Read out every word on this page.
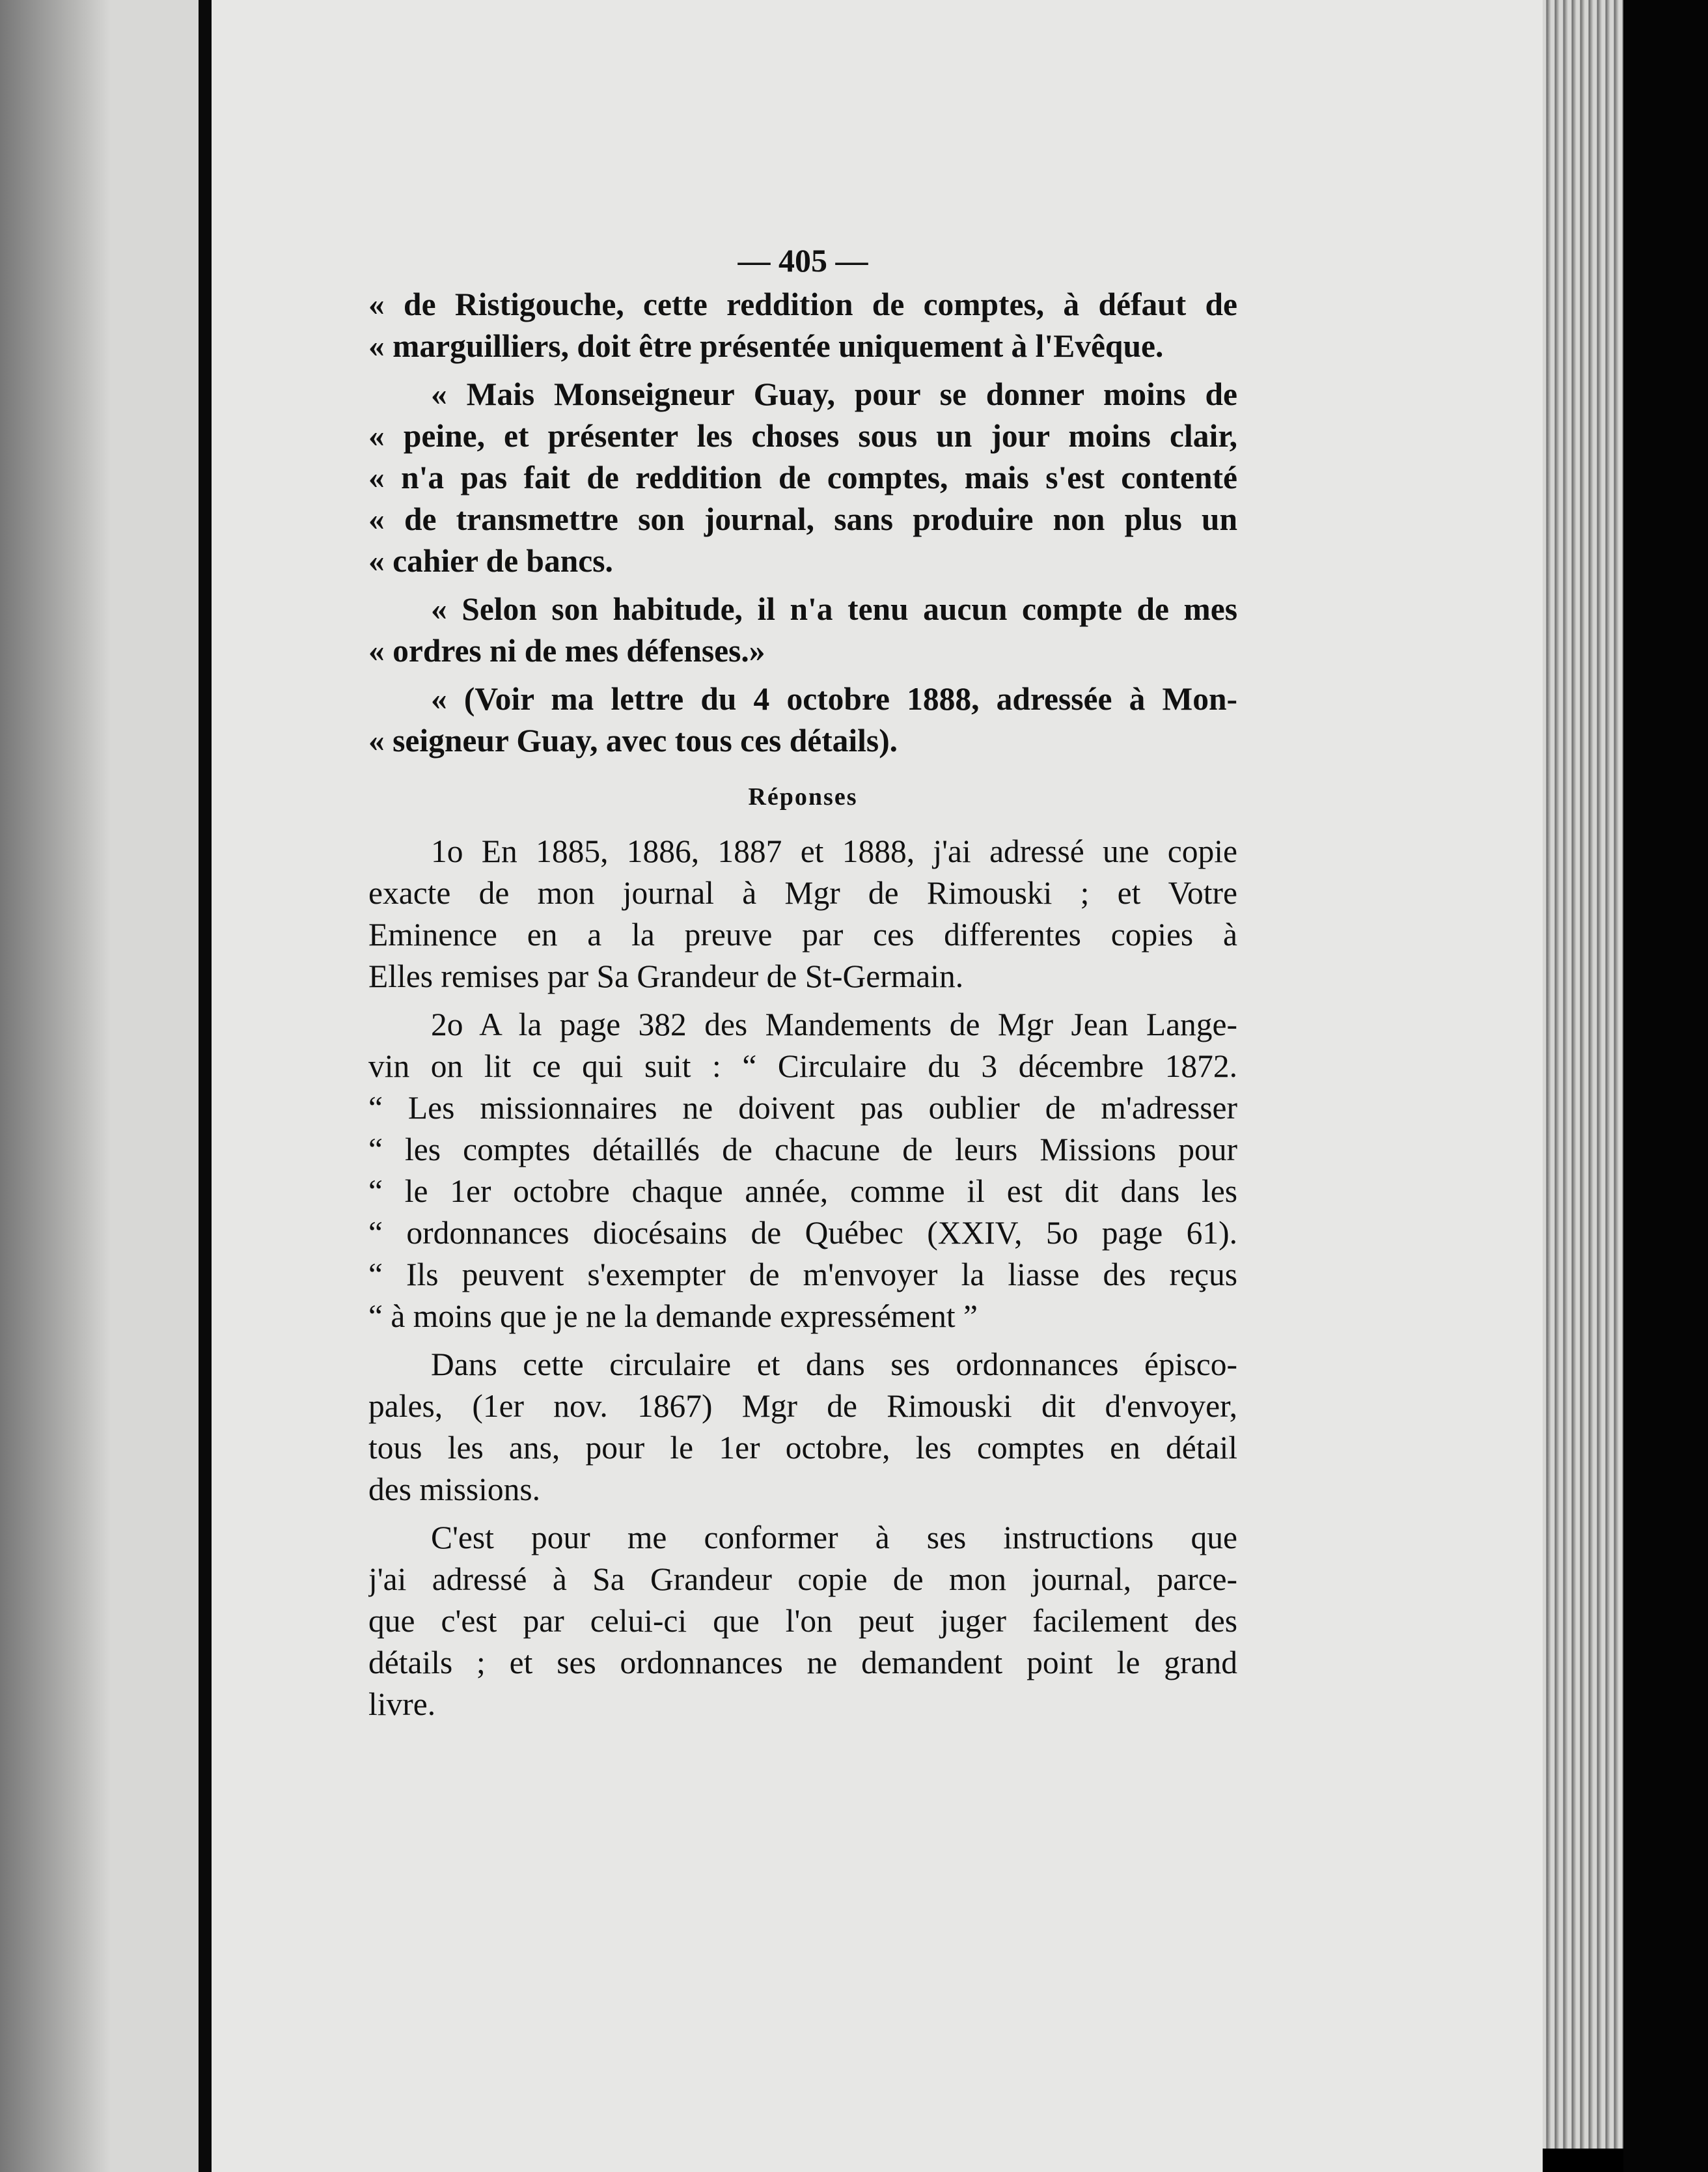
— 405 —
« de Ristigouche, cette reddition de comptes, à défaut de
« marguilliers, doit être présentée uniquement à l'Evêque.
« Mais Monseigneur Guay, pour se donner moins de
« peine, et présenter les choses sous un jour moins clair,
« n'a pas fait de reddition de comptes, mais s'est contenté
« de transmettre son journal, sans produire non plus un
« cahier de bancs.
« Selon son habitude, il n'a tenu aucun compte de mes
« ordres ni de mes défenses.»
« (Voir ma lettre du 4 octobre 1888, adressée à Mon-
« seigneur Guay, avec tous ces détails).
Réponses
1o En 1885, 1886, 1887 et 1888, j'ai adressé une copie
exacte de mon journal à Mgr de Rimouski ; et Votre
Eminence en a la preuve par ces differentes copies à
Elles remises par Sa Grandeur de St-Germain.
2o A la page 382 des Mandements de Mgr Jean Lange-
vin on lit ce qui suit : “ Circulaire du 3 décembre 1872.
“ Les missionnaires ne doivent pas oublier de m'adresser
“ les comptes détaillés de chacune de leurs Missions pour
“ le 1er octobre chaque année, comme il est dit dans les
“ ordonnances diocésains de Québec (XXIV, 5o page 61).
“ Ils peuvent s'exempter de m'envoyer la liasse des reçus
“ à moins que je ne la demande expressément ”
Dans cette circulaire et dans ses ordonnances épisco-
pales, (1er nov. 1867) Mgr de Rimouski dit d'envoyer,
tous les ans, pour le 1er octobre, les comptes en détail
des missions.
C'est pour me conformer à ses instructions que
j'ai adressé à Sa Grandeur copie de mon journal, parce-
que c'est par celui-ci que l'on peut juger facilement des
détails ; et ses ordonnances ne demandent point le grand
livre.
